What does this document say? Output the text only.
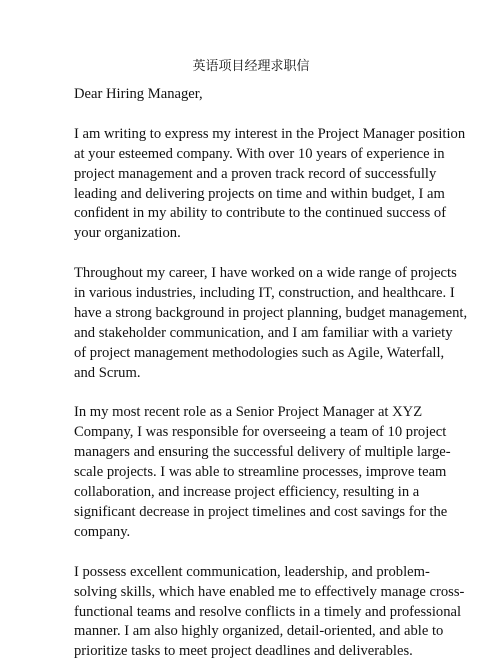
英语项目经理求职信
Dear Hiring Manager,
I am writing to express my interest in the Project Manager position
at your esteemed company. With over 10 years of experience in
project management and a proven track record of successfully
leading and delivering projects on time and within budget, I am
confident in my ability to contribute to the continued success of
your organization.
Throughout my career, I have worked on a wide range of projects
in various industries, including IT, construction, and healthcare. I
have a strong background in project planning, budget management,
and stakeholder communication, and I am familiar with a variety
of project management methodologies such as Agile, Waterfall,
and Scrum.
In my most recent role as a Senior Project Manager at XYZ
Company, I was responsible for overseeing a team of 10 project
managers and ensuring the successful delivery of multiple large-
scale projects. I was able to streamline processes, improve team
collaboration, and increase project efficiency, resulting in a
significant decrease in project timelines and cost savings for the
company.
I possess excellent communication, leadership, and problem-
solving skills, which have enabled me to effectively manage cross-
functional teams and resolve conflicts in a timely and professional
manner. I am also highly organized, detail-oriented, and able to
prioritize tasks to meet project deadlines and deliverables.
